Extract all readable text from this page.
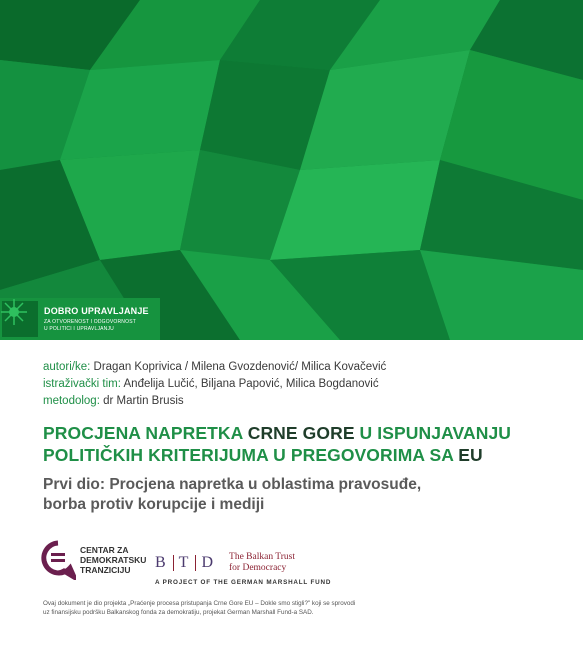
DOBRO UPRAVLJANJE
ZA OTVORENOST I ODGOVORNOST
U POLITICI I UPRAVLJANJU
autori/ke: Dragan Koprivica / Milena Gvozdenović/ Milica Kovačević
istraživački tim: Anđelija Lučić, Biljana Papović, Milica Bogdanović
metodolog: dr Martin Brusis
PROCJENA NAPRETKA CRNE GORE U ISPUNJAVANJU POLITIČKIH KRITERIJUMA U PREGOVORIMA SA EU
Prvi dio: Procjena napretka u oblastima pravosuđe,
borba protiv korupcije i mediji
CENTAR ZA
DEMOKRATSKU
TRANZICIJU	B T D The Balkan Trust
for Democracy
A PROJECT OF THE GERMAN MARSHALL FUND
Ovaj dokument je dio projekta „Praćenje procesa pristupanja Crne Gore EU – Dokle smo stigli?" koji se sprovodi
uz finansijsku podršku Balkanskog fonda za demokratiju, projekat German Marshall Fund-a SAD.
